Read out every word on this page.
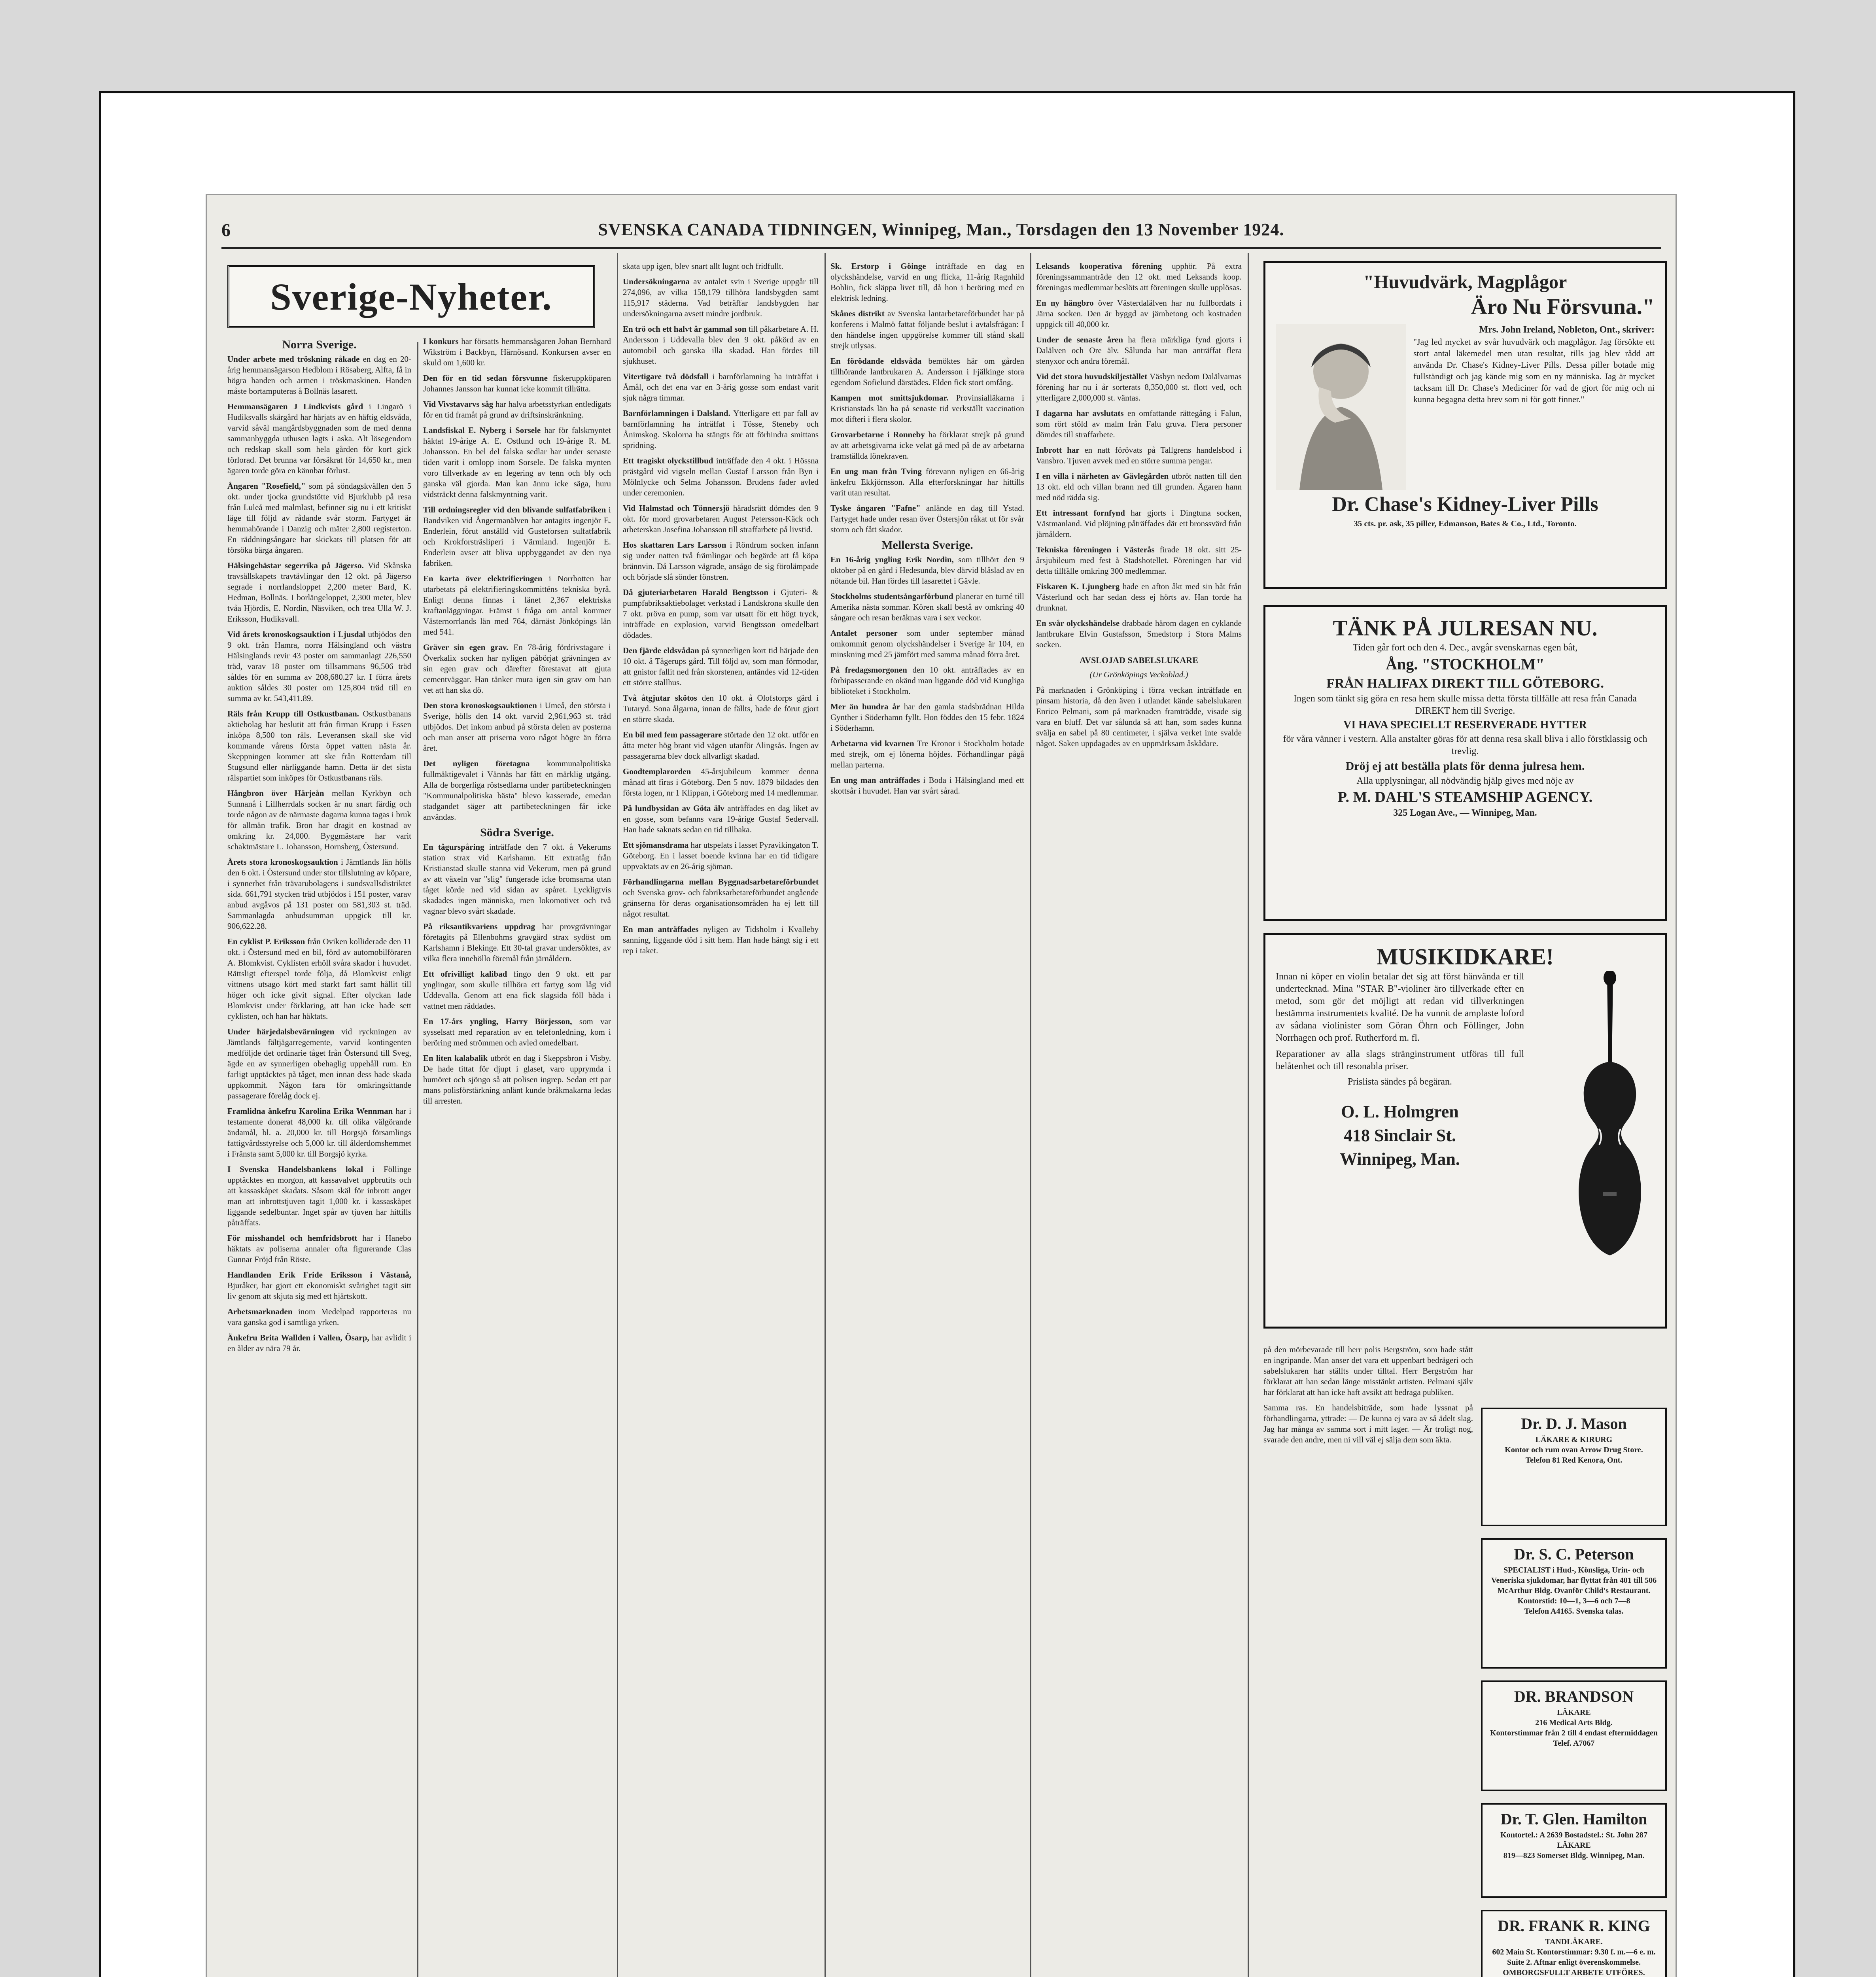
6	SVENSKA CANADA TIDNINGEN, Winnipeg, Man., Torsdagen den 13 November 1924.
Sverige-Nyheter.
Norra Sverige.

Under arbete med tröskning råkade en dag en 20-årig hemmansägarson Hedblom i Rösaberg, Alfta, få in högra handen och armen i tröskmaskinen. Handen måste bortamputeras å Bollnäs lasarett.

Hemmansägaren J Lindkvists gård i Lingarö i Hudiksvalls skärgård har härjats av en häftig eldsvåda, varvid såväl mangårdsbyggnaden som de med denna sammanbyggda uthusen lagts i aska. Alt lösegendom och redskap skall som hela gården för kort gick förlorad. Det brunna var försäkrat för 14,650 kr., men ägaren torde göra en kännbar förlust.

Ångaren "Rosefield," som på söndagskvällen den 5 okt. under tjocka grundstötte vid Bjurklubb på resa från Luleå med malmlast, befinner sig nu i ett kritiskt läge till följd av rådande svår storm. Fartyget är hemmahörande i Danzig och mäter 2,800 registerton. En räddningsångare har skickats till platsen för att försöka bärga ångaren.

Hälsingehästar segerrika på Jägerso. Vid Skånska travsällskapets travtävlingar den 12 okt. på Jägerso segrade i norrlandsloppet 2,200 meter Bard, K. Hedman, Bollnäs. I borlängeloppet, 2,300 meter, blev tvåa Hjördis, E. Nordin, Näsviken, och trea Ulla W. J. Eriksson, Hudiksvall.

Vid årets kronoskogsauktion i Ljusdal utbjödos den 9 okt. från Hamra, norra Hälsingland och västra Hälsinglands revir 43 poster om sammanlagt 226,550 träd, varav 18 poster om tillsammans 96,506 träd såldes för en summa av 208,680.27 kr. I förra årets auktion såldes 30 poster om 125,804 träd till en summa av kr. 543,411.89.

Räls från Krupp till Ostkustbanan. Ostkustbanans aktiebolag har beslutit att från firman Krupp i Essen inköpa 8,500 ton räls. Leveransen skall ske vid kommande vårens första öppet vatten nästa år. Skeppningen kommer att ske från Rotterdam till Stugsund eller närliggande hamn. Detta är det sista rälspartiet som inköpes för Ostkustbanans räls.

Hångbron över Härjeån mellan Kyrkbyn och Sunnanå i Lillherrdals socken är nu snart färdig och torde någon av de närmaste dagarna kunna tagas i bruk för allmän trafik. Bron har dragit en kostnad av omkring kr. 24,000. Byggmästare har varit schaktmästare L. Johansson, Hornsberg, Östersund.

Årets stora kronoskogsauktion i Jämtlands län hölls den 6 okt. i Östersund under stor tillslutning av köpare, i synnerhet från trävarubolagens i sundsvallsdistriktet sida. 661,791 stycken träd utbjödos i 151 poster, varav anbud avgåvos på 131 poster om 581,303 st. träd. Sammanlagda anbudsumman uppgick till kr. 906,622.28.

En cyklist P. Eriksson från Oviken kolliderade den 11 okt. i Östersund med en bil, förd av automobilföraren A. Blomkvist. Cyklisten erhöll svåra skador i huvudet. Rättsligt efterspel torde följa, då Blomkvist enligt vittnens utsago kört med starkt fart samt hållit till höger och icke givit signal. Efter olyckan lade Blomkvist under förklaring, att han icke hade sett cyklisten, och han har häktats.

Under härjedalsbevärningen vid ryckningen av Jämtlands fältjägarregemente, varvid kontingenten medföljde det ordinarie tåget från Östersund till Sveg, ägde en av synnerligen obehaglig uppehåll rum. En farligt upptäcktes på tåget, men innan dess hade skada uppkommit. Någon fara för omkringsittande passagerare förelåg dock ej.

Framlidna änkefru Karolina Erika Wennman har i testamente donerat 48,000 kr. till olika välgörande ändamål, bl. a. 20,000 kr. till Borgsjö församlings fattigvårdsstyrelse och 5,000 kr. till ålderdomshemmet i Fränsta samt 5,000 kr. till Borgsjö kyrka.

I Svenska Handelsbankens lokal i Föllinge upptäcktes en morgon, att kassavalvet uppbrutits och att kassaskåpet skadats. Såsom skäl för inbrott anger man att inbrottstjuven tagit 1,000 kr. i kassaskåpet liggande sedelbuntar. Inget spår av tjuven har hittills påträffats.

För misshandel och hemfridsbrott har i Hanebo häktats av poliserna annaler ofta figurerande Clas Gunnar Fröjd från Röste.

Handlanden Erik Fride Eriksson i Västanå, Bjuråker, har gjort ett ekonomiskt svårighet tagit sitt liv genom att skjuta sig med ett hjärtskott.

Arbetsmarknaden inom Medelpad rapporteras nu vara ganska god i samtliga yrken.

Änkefru Brita Wallden i Vallen, Ösarp, har avlidit i en ålder av nära 79 år.

I konkurs har försatts hemmansägaren Johan Bernhard Wikström i Backbyn, Härnösand. Konkursen avser en skuld om 1,600 kr.

Den för en tid sedan försvunne fiskeruppköparen Johannes Jansson har kunnat icke kommit tillrätta.

Vid Vivstavarvs såg har halva arbetsstyrkan entledigats för en tid framåt på grund av driftsinskränkning.

Landsfiskal E. Nyberg i Sorsele har för falskmyntet häktat 19-årige A. E. Ostlund och 19-årige R. M. Johansson. En bel del falska sedlar har under senaste tiden varit i omlopp inom Sorsele. De falska mynten voro tillverkade av en legering av tenn och bly och ganska väl gjorda. Man kan ännu icke säga, huru vidsträckt denna falskmyntning varit.

Till ordningsregler vid den blivande sulfatfabriken i Bandviken vid Ångermanälven har antagits ingenjör E. Enderlein, förut anställd vid Gusteforsen sulfatfabrik och Krokforsträsliperi i Värmland. Ingenjör E. Enderlein avser att bliva uppbyggandet av den nya fabriken.

En karta över elektrifieringen i Norrbotten har utarbetats på elektrifieringskommitténs tekniska byrå. Enligt denna finnas i länet 2,367 elektriska kraftanläggningar. Främst i fråga om antal kommer Västernorrlands län med 764, därnäst Jönköpings län med 541.

Gräver sin egen grav. En 78-årig fördrivstagare i Överkalix socken har nyligen påbörjat grävningen av sin egen grav och därefter förestavat att gjuta cementväggar. Han tänker mura igen sin grav om han vet att han ska dö.

Den stora kronoskogsauktionen i Umeå, den största i Sverige, hölls den 14 okt. varvid 2,961,963 st. träd utbjödos. Det inkom anbud på största delen av posterna och man anser att priserna voro något högre än förra året.

Det nyligen företagna kommunalpolitiska fullmäktigevalet i Vännäs har fått en märklig utgång. Alla de borgerliga röstsedlarna under partibeteckningen "Kommunalpolitiska bästa" blevo kasserade, emedan stadgandet säger att partibeteckningen får icke användas.

Södra Sverige.

En tågurspåring inträffade den 7 okt. å Vekerums station strax vid Karlshamn. Ett extratåg från Kristianstad skulle stanna vid Vekerum, men på grund av att växeln var "slig" fungerade icke bromsarna utan tåget körde ned vid sidan av spåret. Lyckligtvis skadades ingen människa, men lokomotivet och två vagnar blevo svårt skadade.

På riksantikvariens uppdrag har provgrävningar företagits på Ellenbohms gravgärd strax sydöst om Karlshamn i Blekinge. Ett 30-tal gravar undersöktes, av vilka flera innehöllo föremål från järnåldern.

Ett ofrivilligt kalibad fingo den 9 okt. ett par ynglingar, som skulle tillhöra ett fartyg som låg vid Uddevalla. Genom att ena fick slagsida föll båda i vattnet men räddades.

En 17-års yngling, Harry Börjesson, som var sysselsatt med reparation av en telefonledning, kom i beröring med strömmen och avled omedelbart.

En liten kalabalik utbröt en dag i Skeppsbron i Visby. De hade tittat för djupt i glaset, varo upprymda i humöret och sjöngo så att polisen ingrep. Sedan ett par mans polisförstärkning anlänt kunde bråkmakarna ledas till arresten.

skata upp igen, blev snart allt lugnt och fridfullt.

Undersökningarna av antalet svin i Sverige uppgår till 274,096, av vilka 158,179 tillhöra landsbygden samt 115,917 städerna. Vad beträffar landsbygden har undersökningarna avsett mindre jordbruk.

En trö och ett halvt år gammal son till påkarbetare A. H. Andersson i Uddevalla blev den 9 okt. påkörd av en automobil och ganska illa skadad. Han fördes till sjukhuset.

Vitertigare två dödsfall i barnförlamning ha inträffat i Åmål, och det ena var en 3-årig gosse som endast varit sjuk några timmar.

Barnförlamningen i Dalsland. Ytterligare ett par fall av barnförlamning ha inträffat i Tösse, Steneby och Ånimskog. Skolorna ha stängts för att förhindra smittans spridning.

Ett tragiskt olyckstillbud inträffade den 4 okt. i Hössna prästgård vid vigseln mellan Gustaf Larsson från Byn i Mölnlycke och Selma Johansson. Brudens fader avled under ceremonien.

Vid Halmstad och Tönnersjö häradsrätt dömdes den 9 okt. för mord grovarbetaren August Petersson-Käck och arbeterskan Josefina Johansson till straffarbete på livstid.

Hos skattaren Lars Larsson i Röndrum socken infann sig under natten två främlingar och begärde att få köpa brännvin. Då Larsson vägrade, ansågo de sig förolämpade och började slå sönder fönstren.

Då gjuteriarbetaren Harald Bengtsson i Gjuteri- & pumpfabriksaktiebolaget verkstad i Landskrona skulle den 7 okt. pröva en pump, som var utsatt för ett högt tryck, inträffade en explosion, varvid Bengtsson omedelbart dödades.

Den fjärde eldsvådan på synnerligen kort tid härjade den 10 okt. å Tågerups gård. Till följd av, som man förmodar, att gnistor fallit ned från skorstenen, antändes vid 12-tiden ett större stallhus.

Två åtgjutar skötos den 10 okt. å Olofstorps gärd i Tutaryd. Sona ålgarna, innan de fällts, hade de förut gjort en större skada.

En bil med fem passagerare störtade den 12 okt. utför en åtta meter hög brant vid vägen utanför Alingsås. Ingen av passagerarna blev dock allvarligt skadad.

Goodtemplarorden 45-årsjubileum kommer denna månad att firas i Göteborg. Den 5 nov. 1879 bildades den första logen, nr 1 Klippan, i Göteborg med 14 medlemmar.

På lundbysidan av Göta älv anträffades en dag liket av en gosse, som befanns vara 19-årige Gustaf Sedervall. Han hade saknats sedan en tid tillbaka.

Ett sjömansdrama har utspelats i lasset Pyravikingaton T. Göteborg. En i lasset boende kvinna har en tid tidigare uppvaktats av en 26-årig sjöman.

Förhandlingarna mellan Byggnadsarbetareförbundet och Svenska grov- och fabriksarbetareförbundet angående gränserna för deras organisationsområden ha ej lett till något resultat.

En man anträffades nyligen av Tidsholm i Kvalleby sanning, liggande död i sitt hem. Han hade hängt sig i ett rep i taket.

Sk. Erstorp i Göinge inträffade en dag en olyckshändelse, varvid en ung flicka, 11-årig Ragnhild Bohlin, fick släppa livet till, då hon i beröring med en elektrisk ledning.

Skånes distrikt av Svenska lantarbetareförbundet har på konferens i Malmö fattat följande beslut i avtalsfrågan: I den händelse ingen uppgörelse kommer till stånd skall strejk utlysas.

En förödande eldsvåda bemöktes här om gården tillhörande lantbrukaren A. Andersson i Fjälkinge stora egendom Sofielund därstädes. Elden fick stort omfång.

Kampen mot smittsjukdomar. Provinsialläkarna i Kristianstads län ha på senaste tid verkställt vaccination mot difteri i flera skolor.

Grovarbetarne i Ronneby ha förklarat strejk på grund av att arbetsgivarna icke velat gå med på de av arbetarna framställda lönekraven.

En ung man från Tving förevann nyligen en 66-årig änkefru Ekkjörnsson. Alla efterforskningar har hittills varit utan resultat.

Tyske ångaren "Fafne" anlände en dag till Ystad. Fartyget hade under resan över Östersjön råkat ut för svår storm och fått skador.

Mellersta Sverige.

En 16-årig yngling Erik Nordin, som tillhört den 9 oktober på en gård i Hedesunda, blev därvid blåslad av en nötande bil. Han fördes till lasarettet i Gävle.

Stockholms studentsångarförbund planerar en turné till Amerika nästa sommar. Kören skall bestå av omkring 40 sångare och resan beräknas vara i sex veckor.

Antalet personer som under september månad omkommit genom olyckshändelser i Sverige är 104, en minskning med 25 jämfört med samma månad förra året.

På fredagsmorgonen den 10 okt. anträffades av en förbipasserande en okänd man liggande död vid Kungliga biblioteket i Stockholm.

Mer än hundra år har den gamla stadsbrädnan Hilda Gynther i Söderhamn fyllt. Hon föddes den 15 febr. 1824 i Söderhamn.

Arbetarna vid kvarnen Tre Kronor i Stockholm hotade med strejk, om ej lönerna höjdes. Förhandlingar pågå mellan parterna.

En ung man anträffades i Boda i Hälsingland med ett skottsår i huvudet. Han var svårt sårad.

Leksands kooperativa förening upphör. På extra föreningssammanträde den 12 okt. med Leksands koop. föreningas medlemmar beslöts att föreningen skulle upplösas.

En ny hängbro över Västerdalälven har nu fullbordats i Järna socken. Den är byggd av järnbetong och kostnaden uppgick till 40,000 kr.

Under de senaste åren ha flera märkliga fynd gjorts i Dalälven och Ore älv. Sålunda har man anträffat flera stenyxor och andra föremål.

Vid det stora huvudskiljestället Väsbyn nedom Dalälvarnas förening har nu i år sorterats 8,350,000 st. flott ved, och ytterligare 2,000,000 st. väntas.

I dagarna har avslutats en omfattande rättegång i Falun, som rört stöld av malm från Falu gruva. Flera personer dömdes till straffarbete.

Inbrott har en natt förövats på Tallgrens handelsbod i Vansbro. Tjuven avvek med en större summa pengar.

I en villa i närheten av Gävlegården utbröt natten till den 13 okt. eld och villan brann ned till grunden. Ägaren hann med nöd rädda sig.

Ett intressant fornfynd har gjorts i Dingtuna socken, Västmanland. Vid plöjning påträffades där ett bronssvärd från järnåldern.

Tekniska föreningen i Västerås firade 18 okt. sitt 25-årsjubileum med fest å Stadshotellet. Föreningen har vid detta tillfälle omkring 300 medlemmar.

Fiskaren K. Ljungberg hade en afton åkt med sin båt från Västerlund och har sedan dess ej hörts av. Han torde ha drunknat.

En svår olyckshändelse drabbade härom dagen en cyklande lantbrukare Elvin Gustafsson, Smedstorp i Stora Malms socken.

AVSLOJAD SABELSLUKARE

(Ur Grönköpings Veckoblad.)

På marknaden i Grönköping i förra veckan inträffade en pinsam historia, då den även i utlandet kände sabelslukaren Enrico Pelmani, som på marknaden framträdde, visade sig vara en bluff. Det var sålunda så att han, som sades kunna svälja en sabel på 80 centimeter, i själva verket inte svalde något. Saken uppdagades av en uppmärksam åskådare.

"Huvudvärk, Magplågor
Äro Nu Försvuna."
Mrs. John Ireland, Nobleton, Ont., skriver:
"Jag led mycket av svår huvudvärk och magplågor. Jag försökte ett stort antal läkemedel men utan resultat, tills jag blev rådd att använda Dr. Chase's Kidney-Liver Pills. Dessa piller botade mig fullständigt och jag kände mig som en ny människa. Jag är mycket tacksam till Dr. Chase's Mediciner för vad de gjort för mig och ni kunna begagna detta brev som ni för gott finner."
Dr. Chase's Kidney-Liver Pills
35 cts. pr. ask, 35 piller, Edmanson, Bates & Co., Ltd., Toronto.
TÄNK PÅ JULRESAN NU.
Tiden går fort och den 4. Dec., avgår svenskarnas egen båt,
Ång. "STOCKHOLM"
FRÅN HALIFAX DIREKT TILL GÖTEBORG.
Ingen som tänkt sig göra en resa hem skulle missa detta första tillfälle att resa från Canada DIREKT hem till Sverige.
VI HAVA SPECIELLT RESERVERADE HYTTER
för våra vänner i vestern. Alla anstalter göras för att denna resa skall bliva i allo förstklassig och trevlig.
Dröj ej att beställa plats för denna julresa hem.
Alla upplysningar, all nödvändig hjälp gives med nöje av
P. M. DAHL'S STEAMSHIP AGENCY.
325 Logan Ave., — Winnipeg, Man.
MUSIKIDKARE!
Innan ni köper en violin betalar det sig att först hänvända er till undertecknad. Mina "STAR B"-violiner äro tillverkade efter en metod, som gör det möjligt att redan vid tillverkningen bestämma instrumentets kvalité. De ha vunnit de amplaste loford av sådana violinister som Göran Öhrn och Föllinger, John Norrhagen och prof. Rutherford m. fl.
Reparationer av alla slags stränginstrument utföras till full belåtenhet och till resonabla priser.
Prislista sändes på begäran.
O. L. Holmgren
418 Sinclair St.
Winnipeg, Man.

på den mörbevarade till herr polis Bergström, som hade stått en ingripande. Man anser det vara ett uppenbart bedrägeri och sabelslukaren har ställts under tilltal. Herr Bergström har förklarat att han sedan länge misstänkt artisten. Pelmani själv har förklarat att han icke haft avsikt att bedraga publiken.

Samma ras. En handelsbiträde, som hade lyssnat på förhandlingarna, yttrade: — De kunna ej vara av så ädelt slag. Jag har många av samma sort i mitt lager. — Är troligt nog, svarade den andre, men ni vill väl ej sälja dem som äkta.

Dr. D. J. Mason
LÄKARE & KIRURG
Kontor och rum ovan Arrow Drug Store.
Telefon 81 Red Kenora, Ont.
Dr. S. C. Peterson
SPECIALIST i Hud-, Könsliga, Urin- och Veneriska sjukdomar, har flyttat från 401 till 506 McArthur Bldg. Ovanför Child's Restaurant.
Kontorstid: 10—1, 3—6 och 7—8
Telefon A4165. Svenska talas.
DR. BRANDSON
LÄKARE
216 Medical Arts Bldg.
Kontorstimmar från 2 till 4 endast eftermiddagen
Telef. A7067
Dr. T. Glen. Hamilton
Kontortel.: A 2639 Bostadstel.: St. John 287
LÄKARE
819—823 Somerset Bldg. Winnipeg, Man.
DR. FRANK R. KING
TANDLÄKARE.
602 Main St. Kontorstimmar: 9.30 f. m.—6 e. m.
Suite 2. Aftnar enligt överenskommelse.
OMBORGSFULLT ARBETE UTFÖRES.
